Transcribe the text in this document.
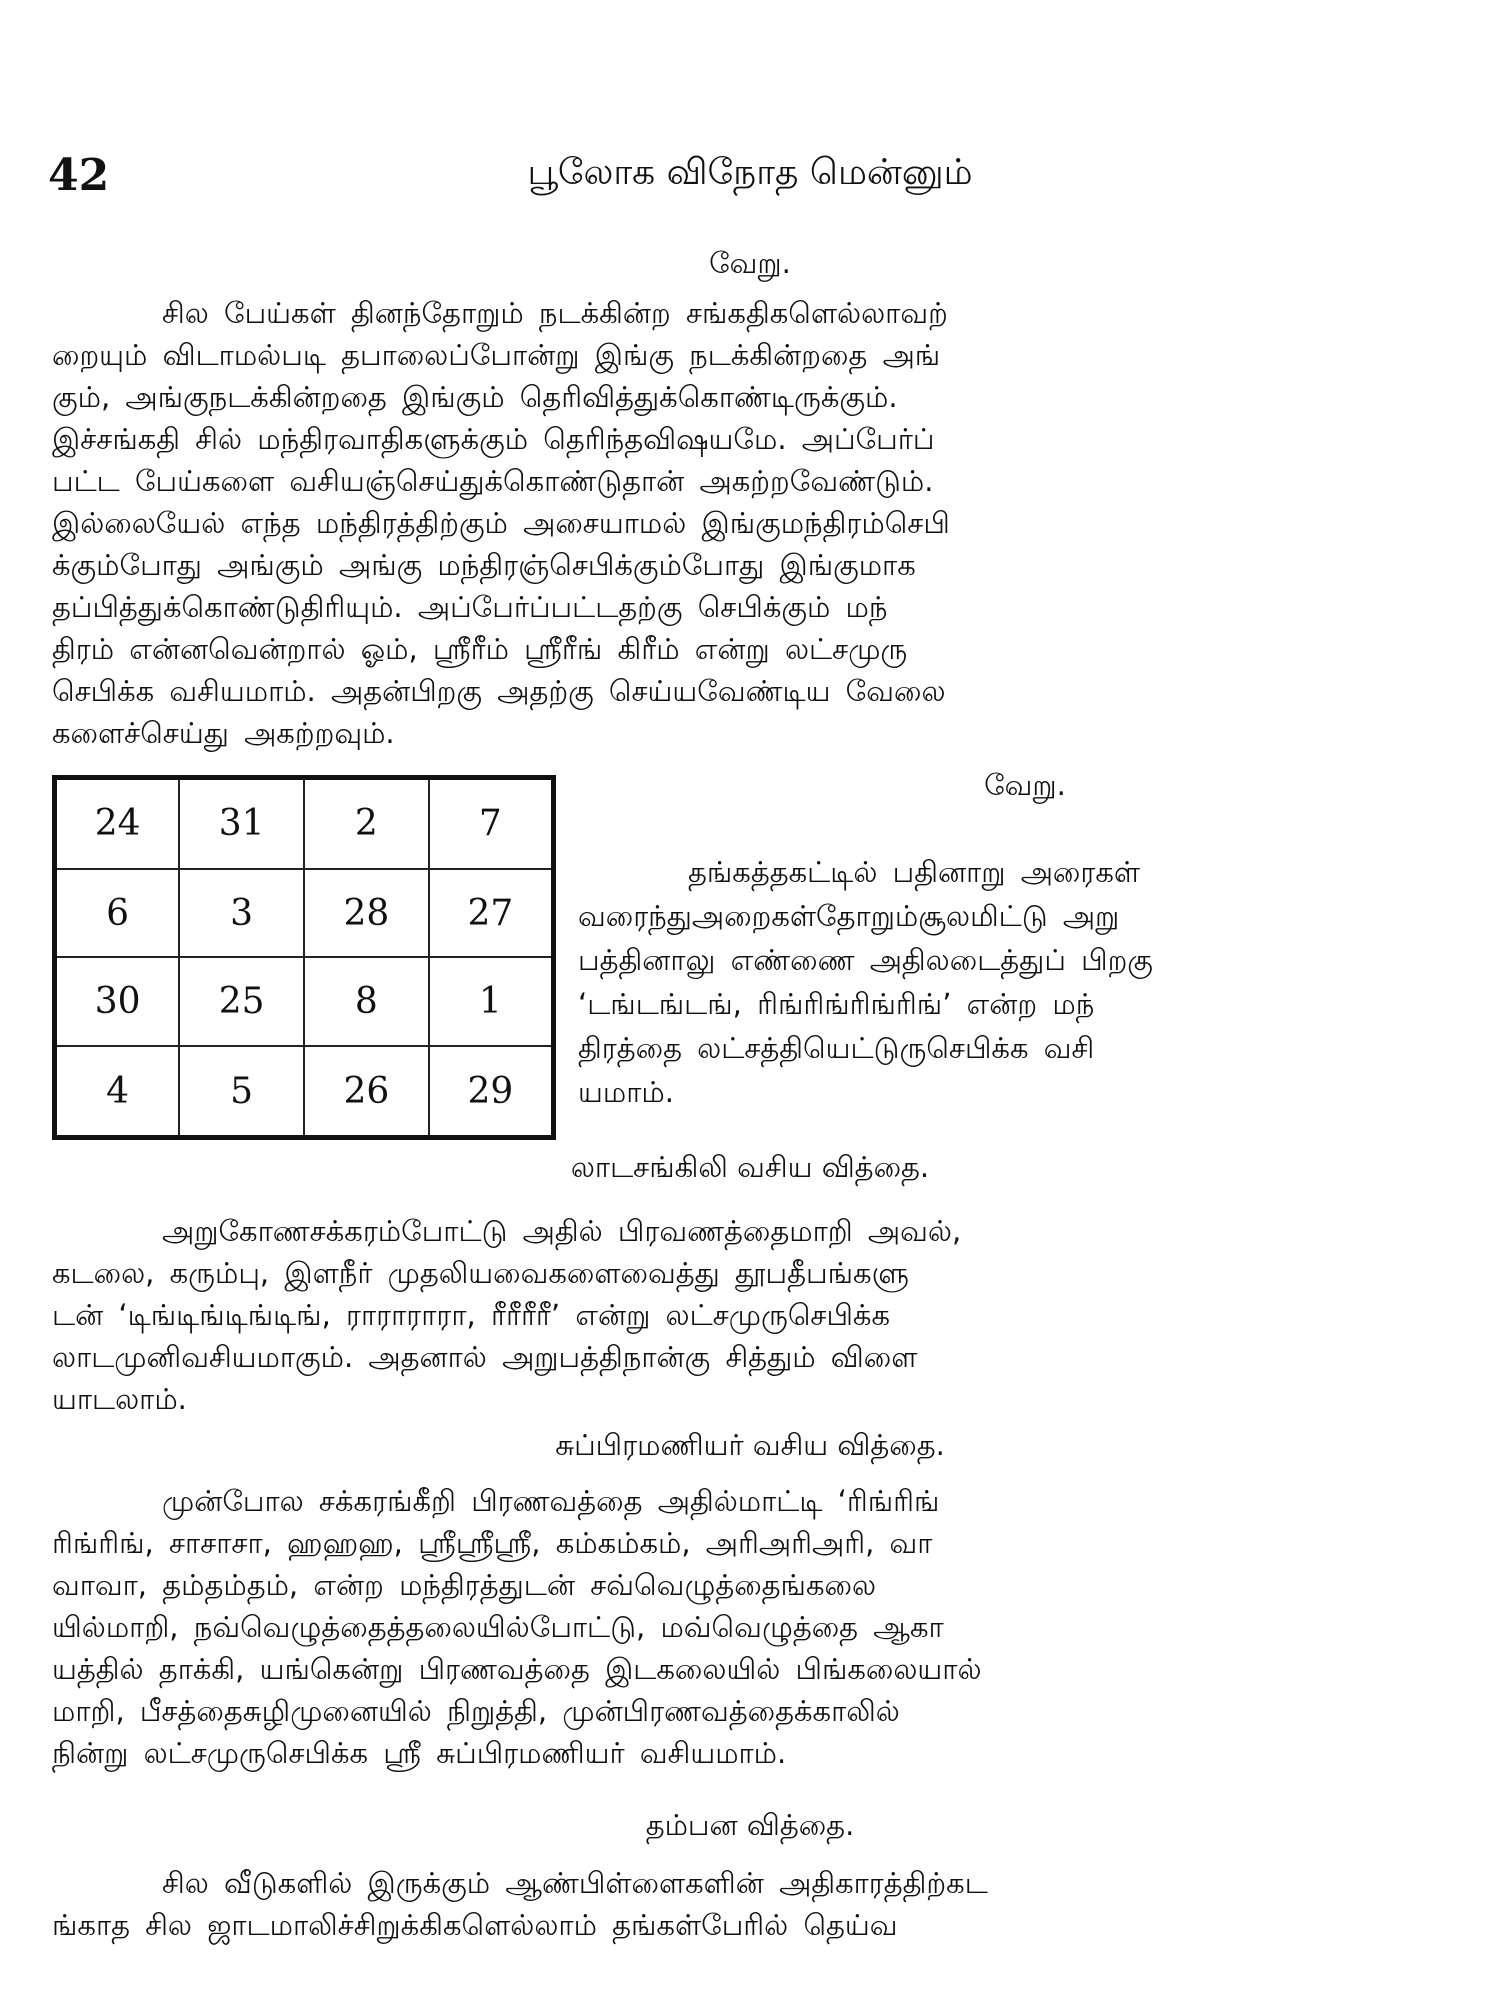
42	பூலோக விநோத மென்னும்
வேறு.
சில பேய்கள் தினந்தோறும் நடக்கின்ற சங்கதிகளெல்லாவற்
றையும் விடாமல்படி தபாலைப்போன்று இங்கு நடக்கின்றதை அங்
கும், அங்குநடக்கின்றதை இங்கும் தெரிவித்துக்கொண்டிருக்கும்.
இச்சங்கதி சில் மந்திரவாதிகளுக்கும் தெரிந்தவிஷயமே. அப்பேர்ப்
பட்ட பேய்களை வசியஞ்செய்துக்கொண்டுதான் அகற்றவேண்டும்.
இல்லையேல் எந்த மந்திரத்திற்கும் அசையாமல் இங்குமந்திரம்செபி
க்கும்போது அங்கும் அங்கு மந்திரஞ்செபிக்கும்போது இங்குமாக
தப்பித்துக்கொண்டுதிரியும். அப்பேர்ப்பட்டதற்கு செபிக்கும் மந்
திரம் என்னவென்றால் ஓம், ஸ்ரீரீம் ஸ்ரீரீங் கிரீம் என்று லட்சமுரு
செபிக்க வசியமாம். அதன்பிறகு அதற்கு செய்யவேண்டிய வேலை
களைச்செய்து அகற்றவும்.
24	31	2	7
6	3	28	27
30	25	8	1
4	5	26	29
வேறு.
தங்கத்தகட்டில் பதினாறு அரைகள்
வரைந்துஅறைகள்தோறும்சூலமிட்டு அறு
பத்தினாலு எண்ணை அதிலடைத்துப் பிறகு
‘டங்டங்டங், ரிங்ரிங்ரிங்ரிங்’ என்ற மந்
திரத்தை லட்சத்தியெட்டுருசெபிக்க வசி
யமாம்.
லாடசங்கிலி வசிய வித்தை.
அறுகோணசக்கரம்போட்டு அதில் பிரவணத்தைமாறி அவல்,
கடலை, கரும்பு, இளநீர் முதலியவைகளைவைத்து தூபதீபங்களு
டன் ‘டிங்டிங்டிங்டிங், ராராராரா, ரீரீரீரீ’ என்று லட்சமுருசெபிக்க
லாடமுனிவசியமாகும். அதனால் அறுபத்திநான்கு சித்தும் விளை
யாடலாம்.
சுப்பிரமணியர் வசிய வித்தை.
முன்போல சக்கரங்கீறி பிரணவத்தை அதில்மாட்டி ‘ரிங்ரிங்
ரிங்ரிங், சாசாசா, ஹஹஹ, ஸ்ரீஸ்ரீஸ்ரீ, கம்கம்கம், அரிஅரிஅரி, வா
வாவா, தம்தம்தம், என்ற மந்திரத்துடன் சவ்வெழுத்தைங்கலை
யில்மாறி, நவ்வெழுத்தைத்தலையில்போட்டு, மவ்வெழுத்தை ஆகா
யத்தில் தாக்கி, யங்கென்று பிரணவத்தை இடகலையில் பிங்கலையால்
மாறி, பீசத்தைசுழிமுனையில் நிறுத்தி, முன்பிரணவத்தைக்காலில்
நின்று லட்சமுருசெபிக்க ஸ்ரீ சுப்பிரமணியர் வசியமாம்.
தம்பன வித்தை.
சில வீடுகளில் இருக்கும் ஆண்பிள்ளைகளின் அதிகாரத்திற்கட
ங்காத சில ஜாடமாலிச்சிறுக்கிகளெல்லாம் தங்கள்பேரில் தெய்வ
